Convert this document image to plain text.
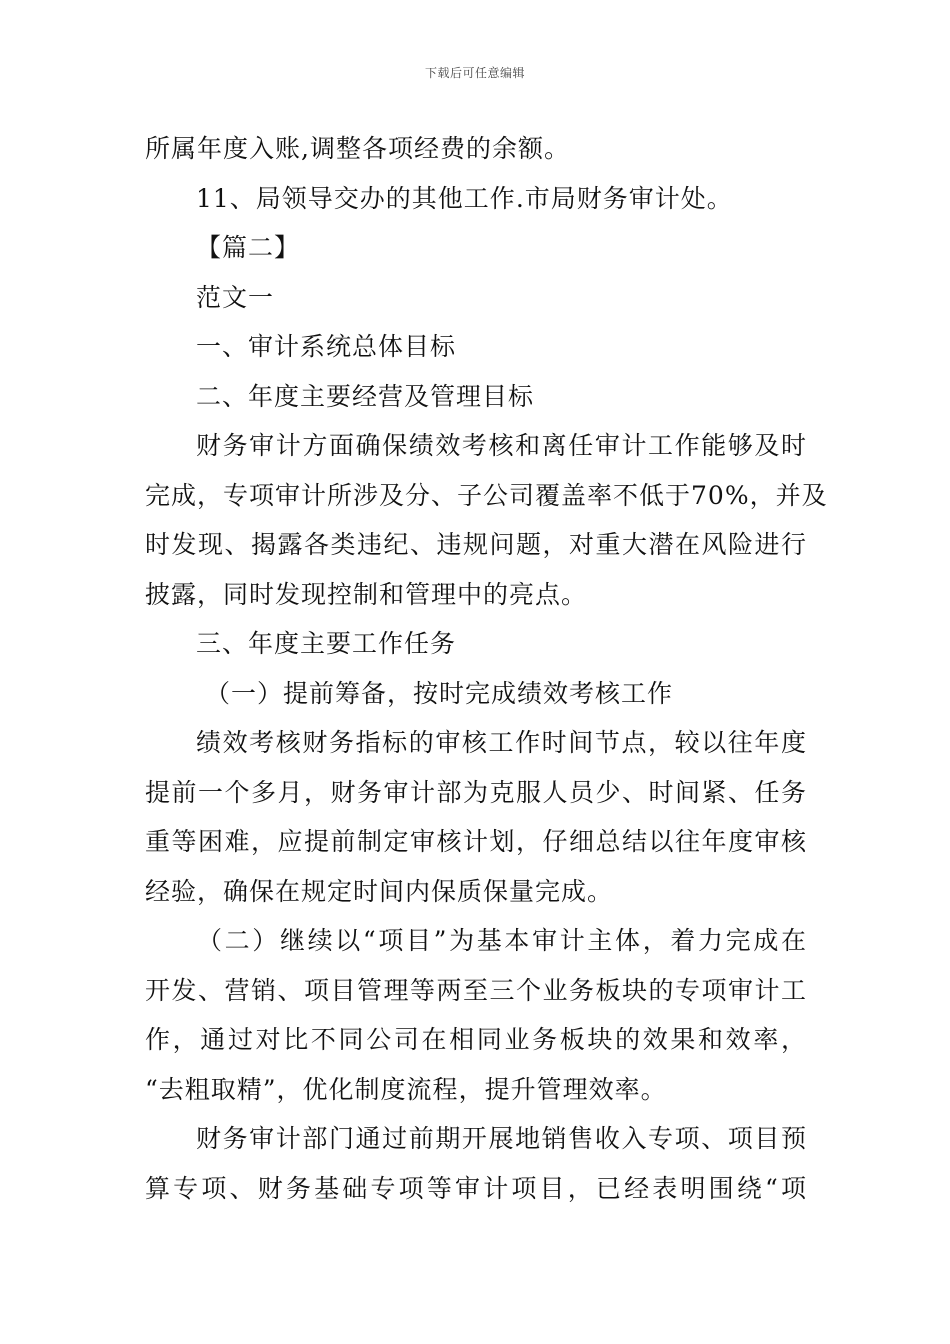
下载后可任意编辑
所属年度入账,调整各项经费的余额。
11、局领导交办的其他工作.市局财务审计处。
【篇二】
范文一
一、审计系统总体目标
二、年度主要经营及管理目标
财务审计方面确保绩效考核和离任审计工作能够及时
完成，专项审计所涉及分、子公司覆盖率不低于70%，并及
时发现、揭露各类违纪、违规问题，对重大潜在风险进行
披露，同时发现控制和管理中的亮点。
三、年度主要工作任务
（一）提前筹备，按时完成绩效考核工作
绩效考核财务指标的审核工作时间节点，较以往年度
提前一个多月，财务审计部为克服人员少、时间紧、任务
重等困难，应提前制定审核计划，仔细总结以往年度审核
经验，确保在规定时间内保质保量完成。
（二）继续以“项目”为基本审计主体，着力完成在
开发、营销、项目管理等两至三个业务板块的专项审计工
作，通过对比不同公司在相同业务板块的效果和效率，
“去粗取精”，优化制度流程，提升管理效率。
财务审计部门通过前期开展地销售收入专项、项目预
算专项、财务基础专项等审计项目，已经表明围绕“项
